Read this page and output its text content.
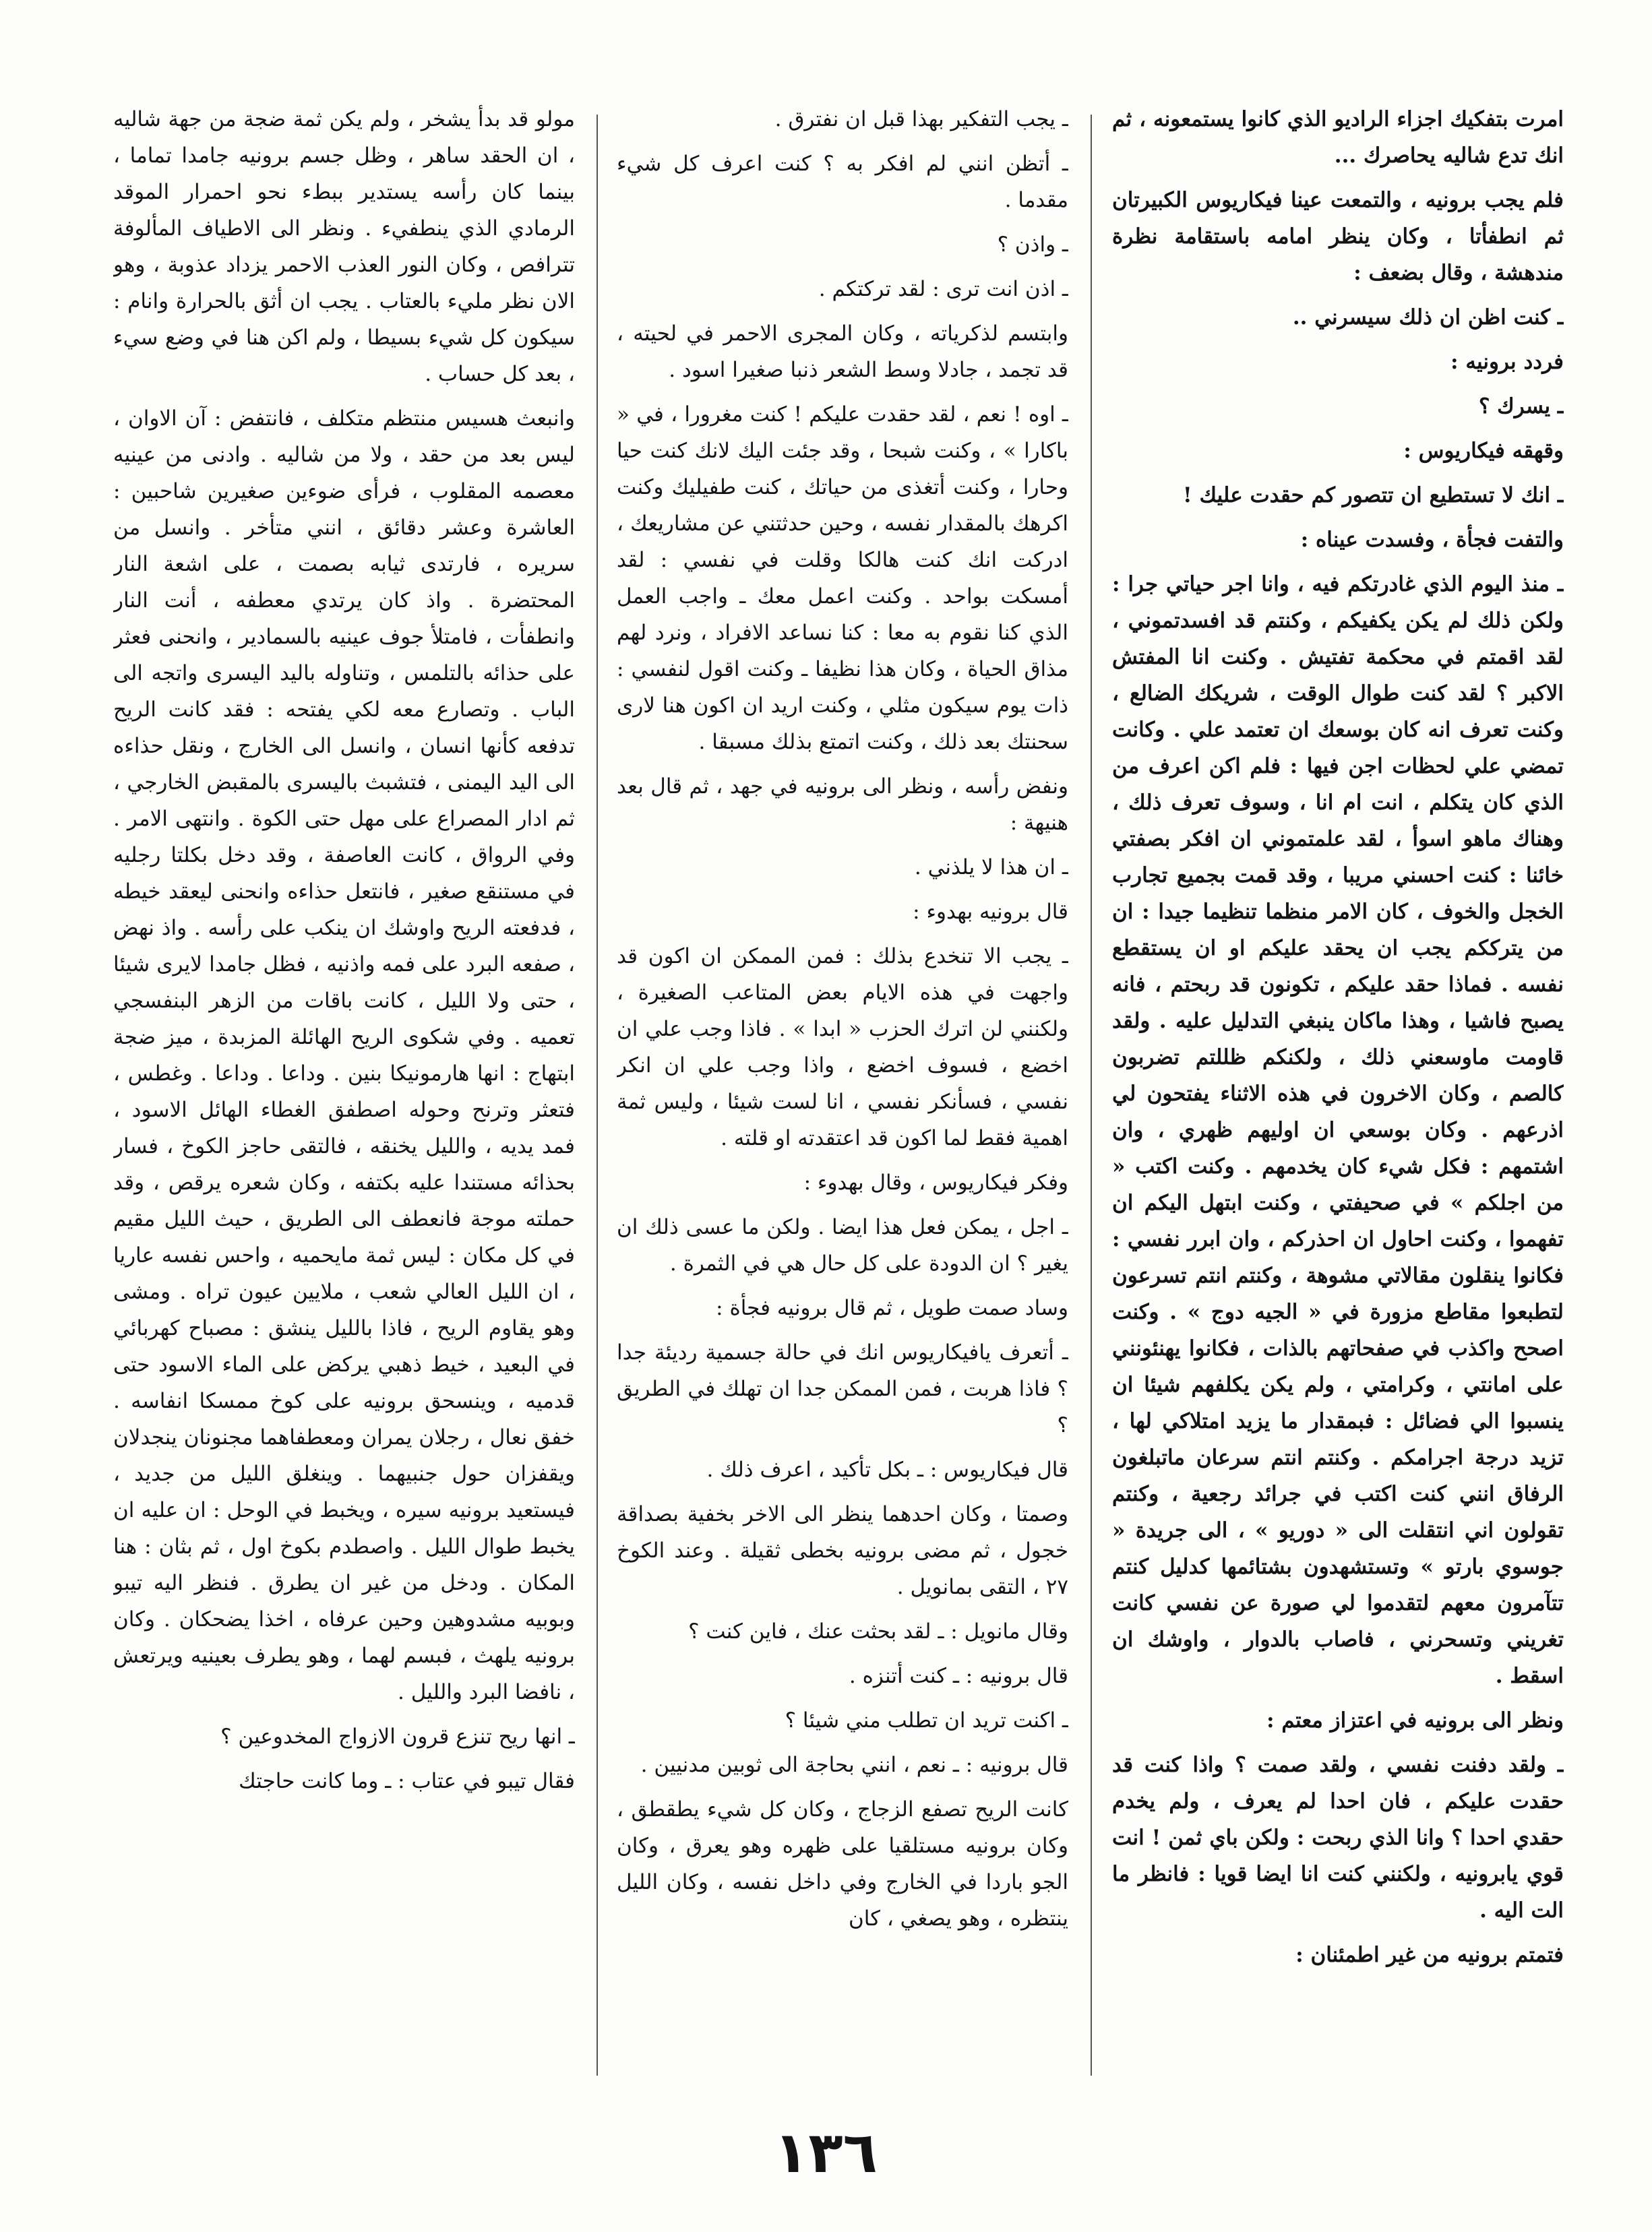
امرت بتفكيك اجزاء الراديو الذي كانوا يستمعونه ، ثم انك تدع شاليه يحاصرك ...

فلم يجب برونيه ، والتمعت عينا فيكاريوس الكبيرتان ثم انطفأتا ، وكان ينظر امامه باستقامة نظرة مندهشة ، وقال بضعف :

ـ كنت اظن ان ذلك سيسرني ..

فردد برونيه :

ـ يسرك ؟

وقهقه فيكاريوس :

ـ انك لا تستطيع ان تتصور كم حقدت عليك !

والتفت فجأة ، وفسدت عيناه :

ـ منذ اليوم الذي غادرتكم فيه ، وانا اجر حياتي جرا : ولكن ذلك لم يكن يكفيكم ، وكنتم قد افسدتموني ، لقد اقمتم في محكمة تفتيش . وكنت انا المفتش الاكبر ؟ لقد كنت طوال الوقت ، شريكك الضالع ، وكنت تعرف انه كان بوسعك ان تعتمد علي . وكانت تمضي علي لحظات اجن فيها : فلم اكن اعرف من الذي كان يتكلم ، انت ام انا ، وسوف تعرف ذلك ، وهناك ماهو اسوأ ، لقد علمتموني ان افكر بصفتي خائنا : كنت احسني مريبا ، وقد قمت بجميع تجارب الخجل والخوف ، كان الامر منظما تنظيما جيدا : ان من يترككم يجب ان يحقد عليكم او ان يستقطع نفسه . فماذا حقد عليكم ، تكونون قد ربحتم ، فانه يصبح فاشيا ، وهذا ماكان ينبغي التدليل عليه . ولقد قاومت ماوسعني ذلك ، ولكنكم ظللتم تضربون كالصم ، وكان الاخرون في هذه الاثناء يفتحون لي اذرعهم . وكان بوسعي ان اوليهم ظهري ، وان اشتمهم : فكل شيء كان يخدمهم . وكنت اكتب « من اجلكم » في صحيفتي ، وكنت ابتهل اليكم ان تفهموا ، وكنت احاول ان احذركم ، وان ابرر نفسي : فكانوا ينقلون مقالاتي مشوهة ، وكنتم انتم تسرعون لتطبعوا مقاطع مزورة في « الجيه دوج » . وكنت اصحح واكذب في صفحاتهم بالذات ، فكانوا يهنئونني على امانتي ، وكرامتي ، ولم يكن يكلفهم شيئا ان ينسبوا الي فضائل : فبمقدار ما يزيد امتلاكي لها ، تزيد درجة اجرامكم . وكنتم انتم سرعان ماتبلغون الرفاق انني كنت اكتب في جرائد رجعية ، وكنتم تقولون اني انتقلت الى « دوريو » ، الى جريدة « جوسوي بارتو » وتستشهدون بشتائمها كدليل كنتم تتآمرون معهم لتقدموا لي صورة عن نفسي كانت تغريني وتسحرني ، فاصاب بالدوار ، واوشك ان اسقط .

ونظر الى برونيه في اعتزاز معتم :

ـ ولقد دفنت نفسي ، ولقد صمت ؟ واذا كنت قد حقدت عليكم ، فان احدا لم يعرف ، ولم يخدم حقدي احدا ؟ وانا الذي ربحت : ولكن باي ثمن ! انت قوي يابرونيه ، ولكنني كنت انا ايضا قويا : فانظر ما الت اليه .

فتمتم برونيه من غير اطمئنان :

ـ يجب التفكير بهذا قبل ان نفترق .

ـ أتظن انني لم افكر به ؟ كنت اعرف كل شيء مقدما .

ـ واذن ؟

ـ اذن انت ترى : لقد تركتكم .

وابتسم لذكرياته ، وكان المجرى الاحمر في لحيته ، قد تجمد ، جادلا وسط الشعر ذنبا صغيرا اسود .

ـ اوه ! نعم ، لقد حقدت عليكم ! كنت مغرورا ، في « باكارا » ، وكنت شبحا ، وقد جئت اليك لانك كنت حيا وحارا ، وكنت أتغذى من حياتك ، كنت طفيليك وكنت اكرهك بالمقدار نفسه ، وحين حدثتني عن مشاريعك ، ادركت انك كنت هالكا وقلت في نفسي : لقد أمسكت بواحد . وكنت اعمل معك ـ واجب العمل الذي كنا نقوم به معا : كنا نساعد الافراد ، ونرد لهم مذاق الحياة ، وكان هذا نظيفا ـ وكنت اقول لنفسي : ذات يوم سيكون مثلي ، وكنت اريد ان اكون هنا لارى سحنتك بعد ذلك ، وكنت اتمتع بذلك مسبقا .

ونفض رأسه ، ونظر الى برونيه في جهد ، ثم قال بعد هنيهة :

ـ ان هذا لا يلذني .

قال برونيه بهدوء :

ـ يجب الا تنخدع بذلك : فمن الممكن ان اكون قد واجهت في هذه الايام بعض المتاعب الصغيرة ، ولكنني لن اترك الحزب « ابدا » . فاذا وجب علي ان اخضع ، فسوف اخضع ، واذا وجب علي ان انكر نفسي ، فسأنكر نفسي ، انا لست شيئا ، وليس ثمة اهمية فقط لما اكون قد اعتقدته او قلته .

وفكر فيكاريوس ، وقال بهدوء :

ـ اجل ، يمكن فعل هذا ايضا . ولكن ما عسى ذلك ان يغير ؟ ان الدودة على كل حال هي في الثمرة .

وساد صمت طويل ، ثم قال برونيه فجأة :

ـ أتعرف يافيكاريوس انك في حالة جسمية رديئة جدا ؟ فاذا هربت ، فمن الممكن جدا ان تهلك في الطريق ؟

قال فيكاريوس : ـ بكل تأكيد ، اعرف ذلك .

وصمتا ، وكان احدهما ينظر الى الاخر بخفية بصداقة خجول ، ثم مضى برونيه بخطى ثقيلة . وعند الكوخ ٢٧ ، التقى بمانويل .

وقال مانويل : ـ لقد بحثت عنك ، فاين كنت ؟

قال برونيه : ـ كنت أتنزه .

ـ اكنت تريد ان تطلب مني شيئا ؟

قال برونيه : ـ نعم ، انني بحاجة الى ثوبين مدنيين .

كانت الريح تصفع الزجاج ، وكان كل شيء يطقطق ، وكان برونيه مستلقيا على ظهره وهو يعرق ، وكان الجو باردا في الخارج وفي داخل نفسه ، وكان الليل ينتظره ، وهو يصغي ، كان

مولو قد بدأ يشخر ، ولم يكن ثمة ضجة من جهة شاليه ، ان الحقد ساهر ، وظل جسم برونيه جامدا تماما ، بينما كان رأسه يستدير ببطء نحو احمرار الموقد الرمادي الذي ينطفيء . ونظر الى الاطياف المألوفة تترافص ، وكان النور العذب الاحمر يزداد عذوبة ، وهو الان نظر مليء بالعتاب . يجب ان أثق بالحرارة وانام : سيكون كل شيء بسيطا ، ولم اكن هنا في وضع سيء ، بعد كل حساب .

وانبعث هسيس منتظم متكلف ، فانتفض : آن الاوان ، ليس بعد من حقد ، ولا من شاليه . وادنى من عينيه معصمه المقلوب ، فرأى ضوءين صغيرين شاحبين : العاشرة وعشر دقائق ، انني متأخر . وانسل من سريره ، فارتدى ثيابه بصمت ، على اشعة النار المحتضرة . واذ كان يرتدي معطفه ، أنت النار وانطفأت ، فامتلأ جوف عينيه بالسمادير ، وانحنى فعثر على حذائه بالتلمس ، وتناوله باليد اليسرى واتجه الى الباب . وتصارع معه لكي يفتحه : فقد كانت الريح تدفعه كأنها انسان ، وانسل الى الخارج ، ونقل حذاءه الى اليد اليمنى ، فتشبث باليسرى بالمقبض الخارجي ، ثم ادار المصراع على مهل حتى الكوة . وانتهى الامر . وفي الرواق ، كانت العاصفة ، وقد دخل بكلتا رجليه في مستنقع صغير ، فانتعل حذاءه وانحنى ليعقد خيطه ، فدفعته الريح واوشك ان ينكب على رأسه . واذ نهض ، صفعه البرد على فمه واذنيه ، فظل جامدا لايرى شيئا ، حتى ولا الليل ، كانت باقات من الزهر البنفسجي تعميه . وفي شكوى الريح الهائلة المزبدة ، ميز ضجة ابتهاج : انها هارمونيكا بنين . وداعا . وداعا . وغطس ، فتعثر وترنح وحوله اصطفق الغطاء الهائل الاسود ، فمد يديه ، والليل يخنقه ، فالتقى حاجز الكوخ ، فسار بحذائه مستندا عليه بكتفه ، وكان شعره يرقص ، وقد حملته موجة فانعطف الى الطريق ، حيث الليل مقيم في كل مكان : ليس ثمة مايحميه ، واحس نفسه عاريا ، ان الليل العالي شعب ، ملايين عيون تراه . ومشى وهو يقاوم الريح ، فاذا بالليل ينشق : مصباح كهربائي في البعيد ، خيط ذهبي يركض على الماء الاسود حتى قدميه ، وينسحق برونيه على كوخ ممسكا انفاسه . خفق نعال ، رجلان يمران ومعطفاهما مجنونان ينجدلان ويقفزان حول جنبيهما . وينغلق الليل من جديد ، فيستعيد برونيه سيره ، ويخبط في الوحل : ان عليه ان يخبط طوال الليل . واصطدم بكوخ اول ، ثم بثان : هنا المكان . ودخل من غير ان يطرق . فنظر اليه تيبو وبوبيه مشدوهين وحين عرفاه ، اخذا يضحكان . وكان برونيه يلهث ، فبسم لهما ، وهو يطرف بعينيه ويرتعش ، نافضا البرد والليل .

ـ انها ريح تنزع قرون الازواج المخدوعين ؟

فقال تيبو في عتاب : ـ وما كانت حاجتك

١٣٦
